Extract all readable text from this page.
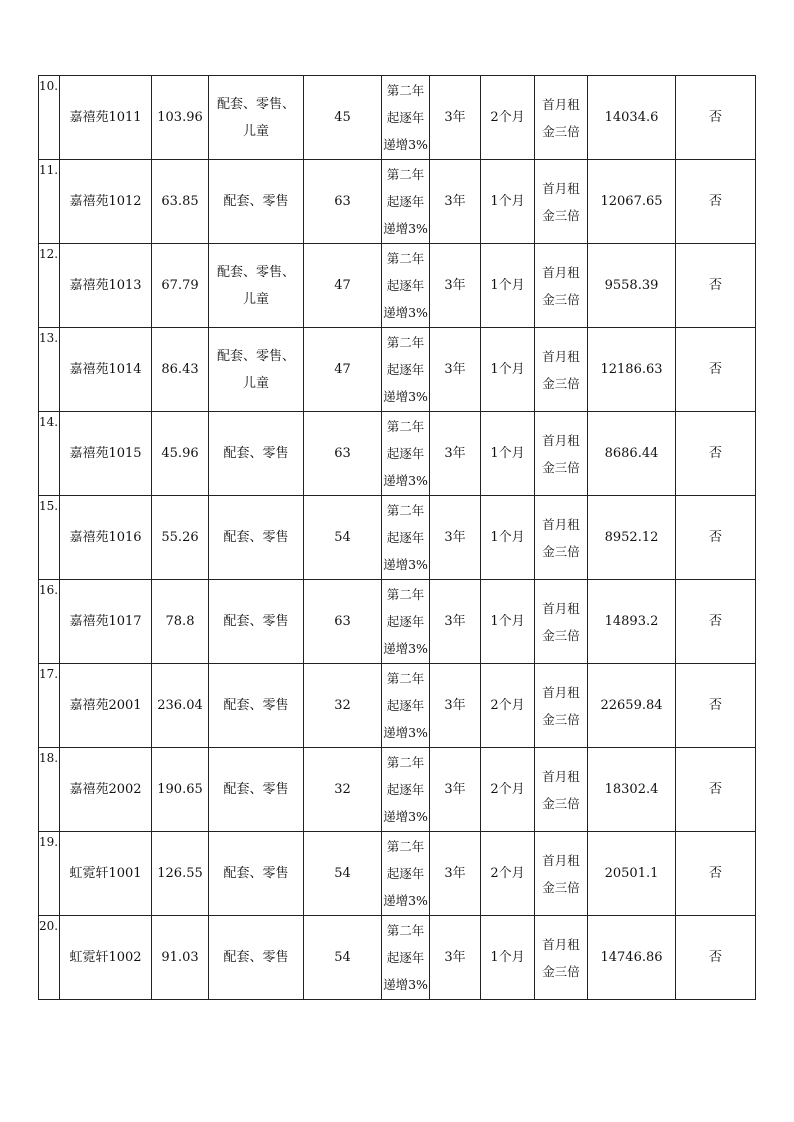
10.	嘉禧苑1011	103.96	配套、零售、儿童	45	第二年起逐年递增3%	3年	2个月	首月租金三倍	14034.6	否
11.	嘉禧苑1012	63.85	配套、零售	63	第二年起逐年递增3%	3年	1个月	首月租金三倍	12067.65	否
12.	嘉禧苑1013	67.79	配套、零售、儿童	47	第二年起逐年递增3%	3年	1个月	首月租金三倍	9558.39	否
13.	嘉禧苑1014	86.43	配套、零售、儿童	47	第二年起逐年递增3%	3年	1个月	首月租金三倍	12186.63	否
14.	嘉禧苑1015	45.96	配套、零售	63	第二年起逐年递增3%	3年	1个月	首月租金三倍	8686.44	否
15.	嘉禧苑1016	55.26	配套、零售	54	第二年起逐年递增3%	3年	1个月	首月租金三倍	8952.12	否
16.	嘉禧苑1017	78.8	配套、零售	63	第二年起逐年递增3%	3年	1个月	首月租金三倍	14893.2	否
17.	嘉禧苑2001	236.04	配套、零售	32	第二年起逐年递增3%	3年	2个月	首月租金三倍	22659.84	否
18.	嘉禧苑2002	190.65	配套、零售	32	第二年起逐年递增3%	3年	2个月	首月租金三倍	18302.4	否
19.	虹霓轩1001	126.55	配套、零售	54	第二年起逐年递增3%	3年	2个月	首月租金三倍	20501.1	否
20.	虹霓轩1002	91.03	配套、零售	54	第二年起逐年递增3%	3年	1个月	首月租金三倍	14746.86	否
